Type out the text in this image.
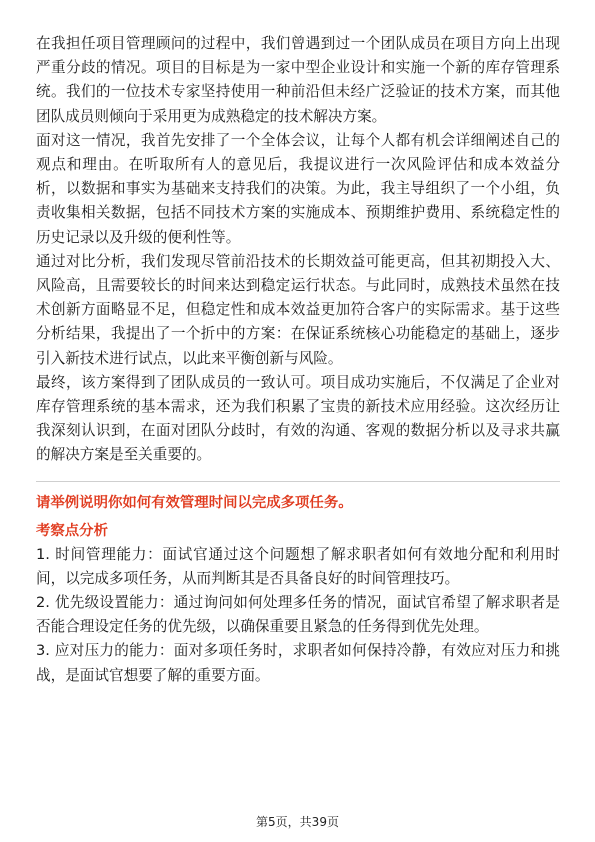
在我担任项目管理顾问的过程中，我们曾遇到过一个团队成员在项目方向上出现严重分歧的情况。项目的目标是为一家中型企业设计和实施一个新的库存管理系统。我们的一位技术专家坚持使用一种前沿但未经广泛验证的技术方案，而其他团队成员则倾向于采用更为成熟稳定的技术解决方案。

面对这一情况，我首先安排了一个全体会议，让每个人都有机会详细阐述自己的观点和理由。在听取所有人的意见后，我提议进行一次风险评估和成本效益分析，以数据和事实为基础来支持我们的决策。为此，我主导组织了一个小组，负责收集相关数据，包括不同技术方案的实施成本、预期维护费用、系统稳定性的历史记录以及升级的便利性等。

通过对比分析，我们发现尽管前沿技术的长期效益可能更高，但其初期投入大、风险高，且需要较长的时间来达到稳定运行状态。与此同时，成熟技术虽然在技术创新方面略显不足，但稳定性和成本效益更加符合客户的实际需求。基于这些分析结果，我提出了一个折中的方案：在保证系统核心功能稳定的基础上，逐步引入新技术进行试点，以此来平衡创新与风险。

最终，该方案得到了团队成员的一致认可。项目成功实施后，不仅满足了企业对库存管理系统的基本需求，还为我们积累了宝贵的新技术应用经验。这次经历让我深刻认识到，在面对团队分歧时，有效的沟通、客观的数据分析以及寻求共赢的解决方案是至关重要的。

请举例说明你如何有效管理时间以完成多项任务。

考察点分析

1. 时间管理能力：面试官通过这个问题想了解求职者如何有效地分配和利用时间，以完成多项任务，从而判断其是否具备良好的时间管理技巧。

2. 优先级设置能力：通过询问如何处理多任务的情况，面试官希望了解求职者是否能合理设定任务的优先级，以确保重要且紧急的任务得到优先处理。

3. 应对压力的能力：面对多项任务时，求职者如何保持冷静，有效应对压力和挑战，是面试官想要了解的重要方面。

第5页，共39页
